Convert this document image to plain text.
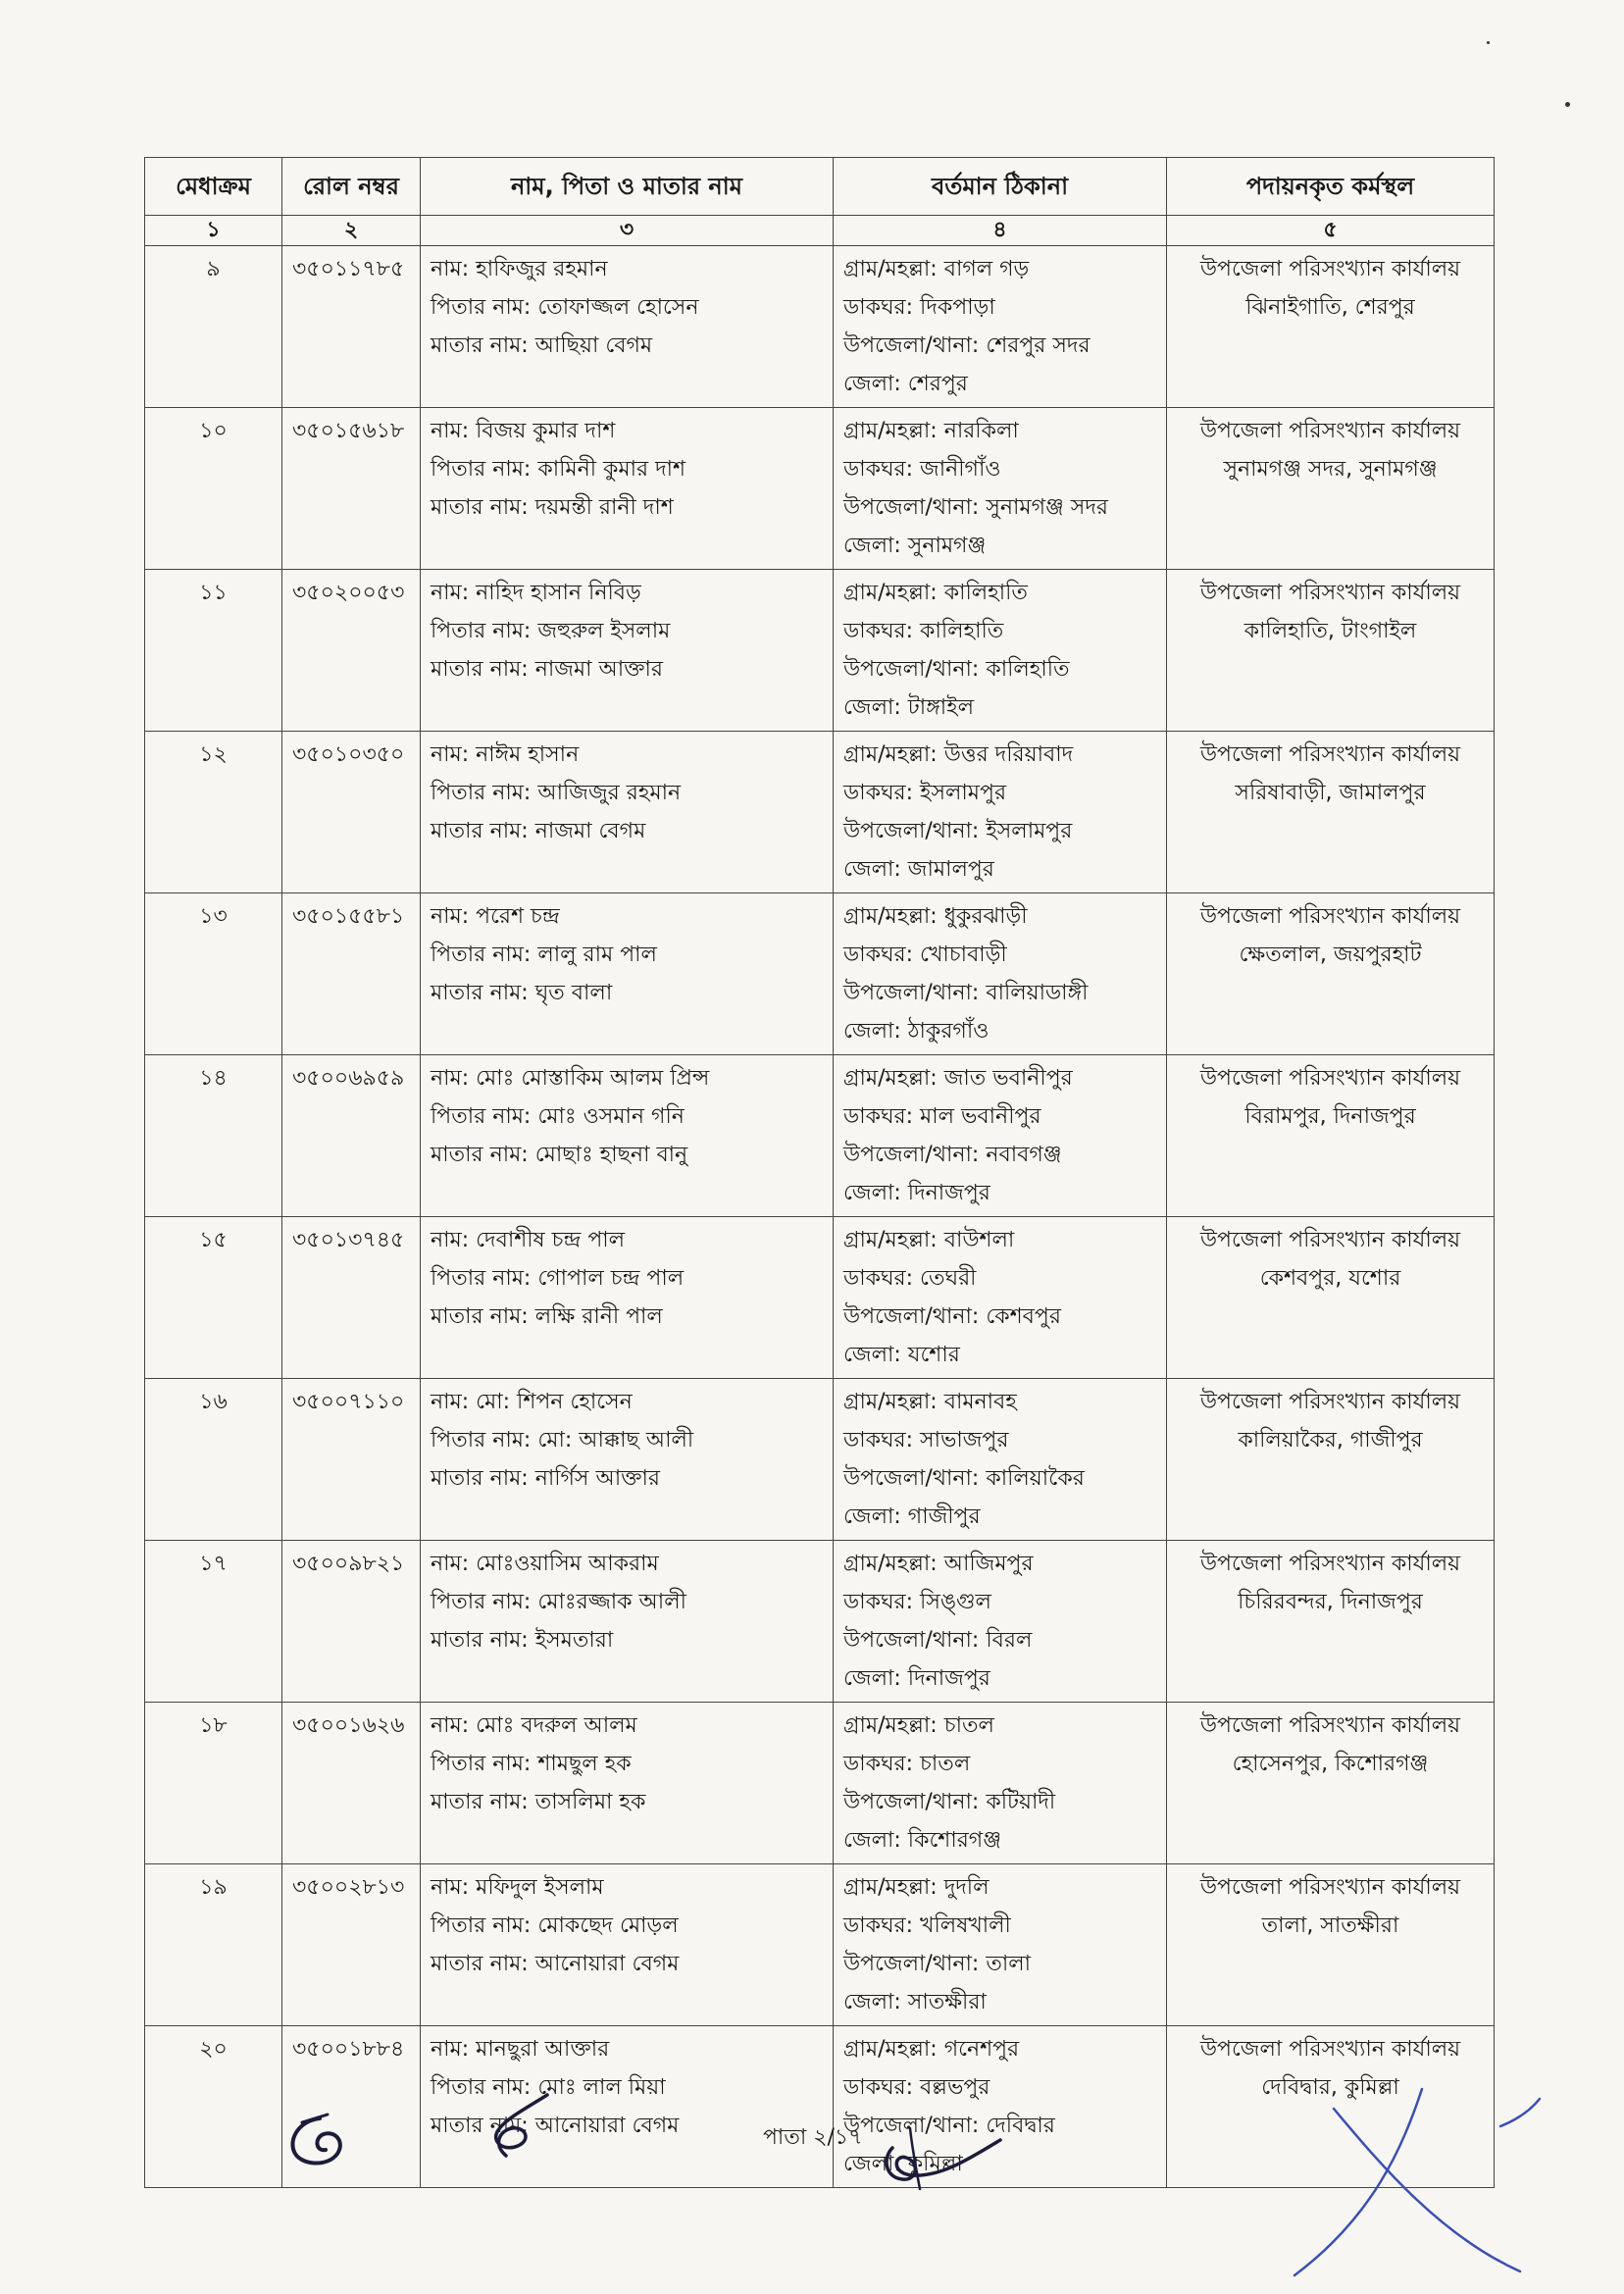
মেধাক্রম	রোল নম্বর	নাম, পিতা ও মাতার নাম	বর্তমান ঠিকানা	পদায়নকৃত কর্মস্থল
১	২	৩	৪	৫

৯	৩৫০১১৭৮৫	নাম: হাফিজুর রহমান
পিতার নাম: তোফাজ্জল হোসেন
মাতার নাম: আছিয়া বেগম	গ্রাম/মহল্লা: বাগল গড়
ডাকঘর: দিকপাড়া
উপজেলা/থানা: শেরপুর সদর
জেলা: শেরপুর	উপজেলা পরিসংখ্যান কার্যালয়
ঝিনাইগাতি, শেরপুর

১০	৩৫০১৫৬১৮	নাম: বিজয় কুমার দাশ
পিতার নাম: কামিনী কুমার দাশ
মাতার নাম: দয়মন্তী রানী দাশ	গ্রাম/মহল্লা: নারকিলা
ডাকঘর: জানীগাঁও
উপজেলা/থানা: সুনামগঞ্জ সদর
জেলা: সুনামগঞ্জ	উপজেলা পরিসংখ্যান কার্যালয়
সুনামগঞ্জ সদর, সুনামগঞ্জ

১১	৩৫০২০০৫৩	নাম: নাহিদ হাসান নিবিড়
পিতার নাম: জহুরুল ইসলাম
মাতার নাম: নাজমা আক্তার	গ্রাম/মহল্লা: কালিহাতি
ডাকঘর: কালিহাতি
উপজেলা/থানা: কালিহাতি
জেলা: টাঙ্গাইল	উপজেলা পরিসংখ্যান কার্যালয়
কালিহাতি, টাংগাইল

১২	৩৫০১০৩৫০	নাম: নাঈম হাসান
পিতার নাম: আজিজুর রহমান
মাতার নাম: নাজমা বেগম	গ্রাম/মহল্লা: উত্তর দরিয়াবাদ
ডাকঘর: ইসলামপুর
উপজেলা/থানা: ইসলামপুর
জেলা: জামালপুর	উপজেলা পরিসংখ্যান কার্যালয়
সরিষাবাড়ী, জামালপুর

১৩	৩৫০১৫৫৮১	নাম: পরেশ চন্দ্র
পিতার নাম: লালু রাম পাল
মাতার নাম: ঘৃত বালা	গ্রাম/মহল্লা: ধুকুরঝাড়ী
ডাকঘর: খোচাবাড়ী
উপজেলা/থানা: বালিয়াডাঙ্গী
জেলা: ঠাকুরগাঁও	উপজেলা পরিসংখ্যান কার্যালয়
ক্ষেতলাল, জয়পুরহাট

১৪	৩৫০০৬৯৫৯	নাম: মোঃ মোস্তাকিম আলম প্রিন্স
পিতার নাম: মোঃ ওসমান গনি
মাতার নাম: মোছাঃ হাছনা বানু	গ্রাম/মহল্লা: জাত ভবানীপুর
ডাকঘর: মাল ভবানীপুর
উপজেলা/থানা: নবাবগঞ্জ
জেলা: দিনাজপুর	উপজেলা পরিসংখ্যান কার্যালয়
বিরামপুর, দিনাজপুর

১৫	৩৫০১৩৭৪৫	নাম: দেবাশীষ চন্দ্র পাল
পিতার নাম: গোপাল চন্দ্র পাল
মাতার নাম: লক্ষি রানী পাল	গ্রাম/মহল্লা: বাউশলা
ডাকঘর: তেঘরী
উপজেলা/থানা: কেশবপুর
জেলা: যশোর	উপজেলা পরিসংখ্যান কার্যালয়
কেশবপুর, যশোর

১৬	৩৫০০৭১১০	নাম: মো: শিপন হোসেন
পিতার নাম: মো: আক্কাছ আলী
মাতার নাম: নার্গিস আক্তার	গ্রাম/মহল্লা: বামনাবহ
ডাকঘর: সাভাজপুর
উপজেলা/থানা: কালিয়াকৈর
জেলা: গাজীপুর	উপজেলা পরিসংখ্যান কার্যালয়
কালিয়াকৈর, গাজীপুর

১৭	৩৫০০৯৮২১	নাম: মোঃওয়াসিম আকরাম
পিতার নাম: মোঃরজ্জাক আলী
মাতার নাম: ইসমতারা	গ্রাম/মহল্লা: আজিমপুর
ডাকঘর: সিঙ্গুল
উপজেলা/থানা: বিরল
জেলা: দিনাজপুর	উপজেলা পরিসংখ্যান কার্যালয়
চিরিরবন্দর, দিনাজপুর

১৮	৩৫০০১৬২৬	নাম: মোঃ বদরুল আলম
পিতার নাম: শামছুল হক
মাতার নাম: তাসলিমা হক	গ্রাম/মহল্লা: চাতল
ডাকঘর: চাতল
উপজেলা/থানা: কটিয়াদী
জেলা: কিশোরগঞ্জ	উপজেলা পরিসংখ্যান কার্যালয়
হোসেনপুর, কিশোরগঞ্জ

১৯	৩৫০০২৮১৩	নাম: মফিদুল ইসলাম
পিতার নাম: মোকছেদ মোড়ল
মাতার নাম: আনোয়ারা বেগম	গ্রাম/মহল্লা: দুদলি
ডাকঘর: খলিষখালী
উপজেলা/থানা: তালা
জেলা: সাতক্ষীরা	উপজেলা পরিসংখ্যান কার্যালয়
তালা, সাতক্ষীরা

২০	৩৫০০১৮৮৪	নাম: মানছুরা আক্তার
পিতার নাম: মোঃ লাল মিয়া
মাতার নাম: আনোয়ারা বেগম	গ্রাম/মহল্লা: গনেশপুর
ডাকঘর: বল্লভপুর
উপজেলা/থানা: দেবিদ্বার
জেলা: কুমিল্লা	উপজেলা পরিসংখ্যান কার্যালয়
দেবিদ্বার, কুমিল্লা
পাতা ২/১৭
